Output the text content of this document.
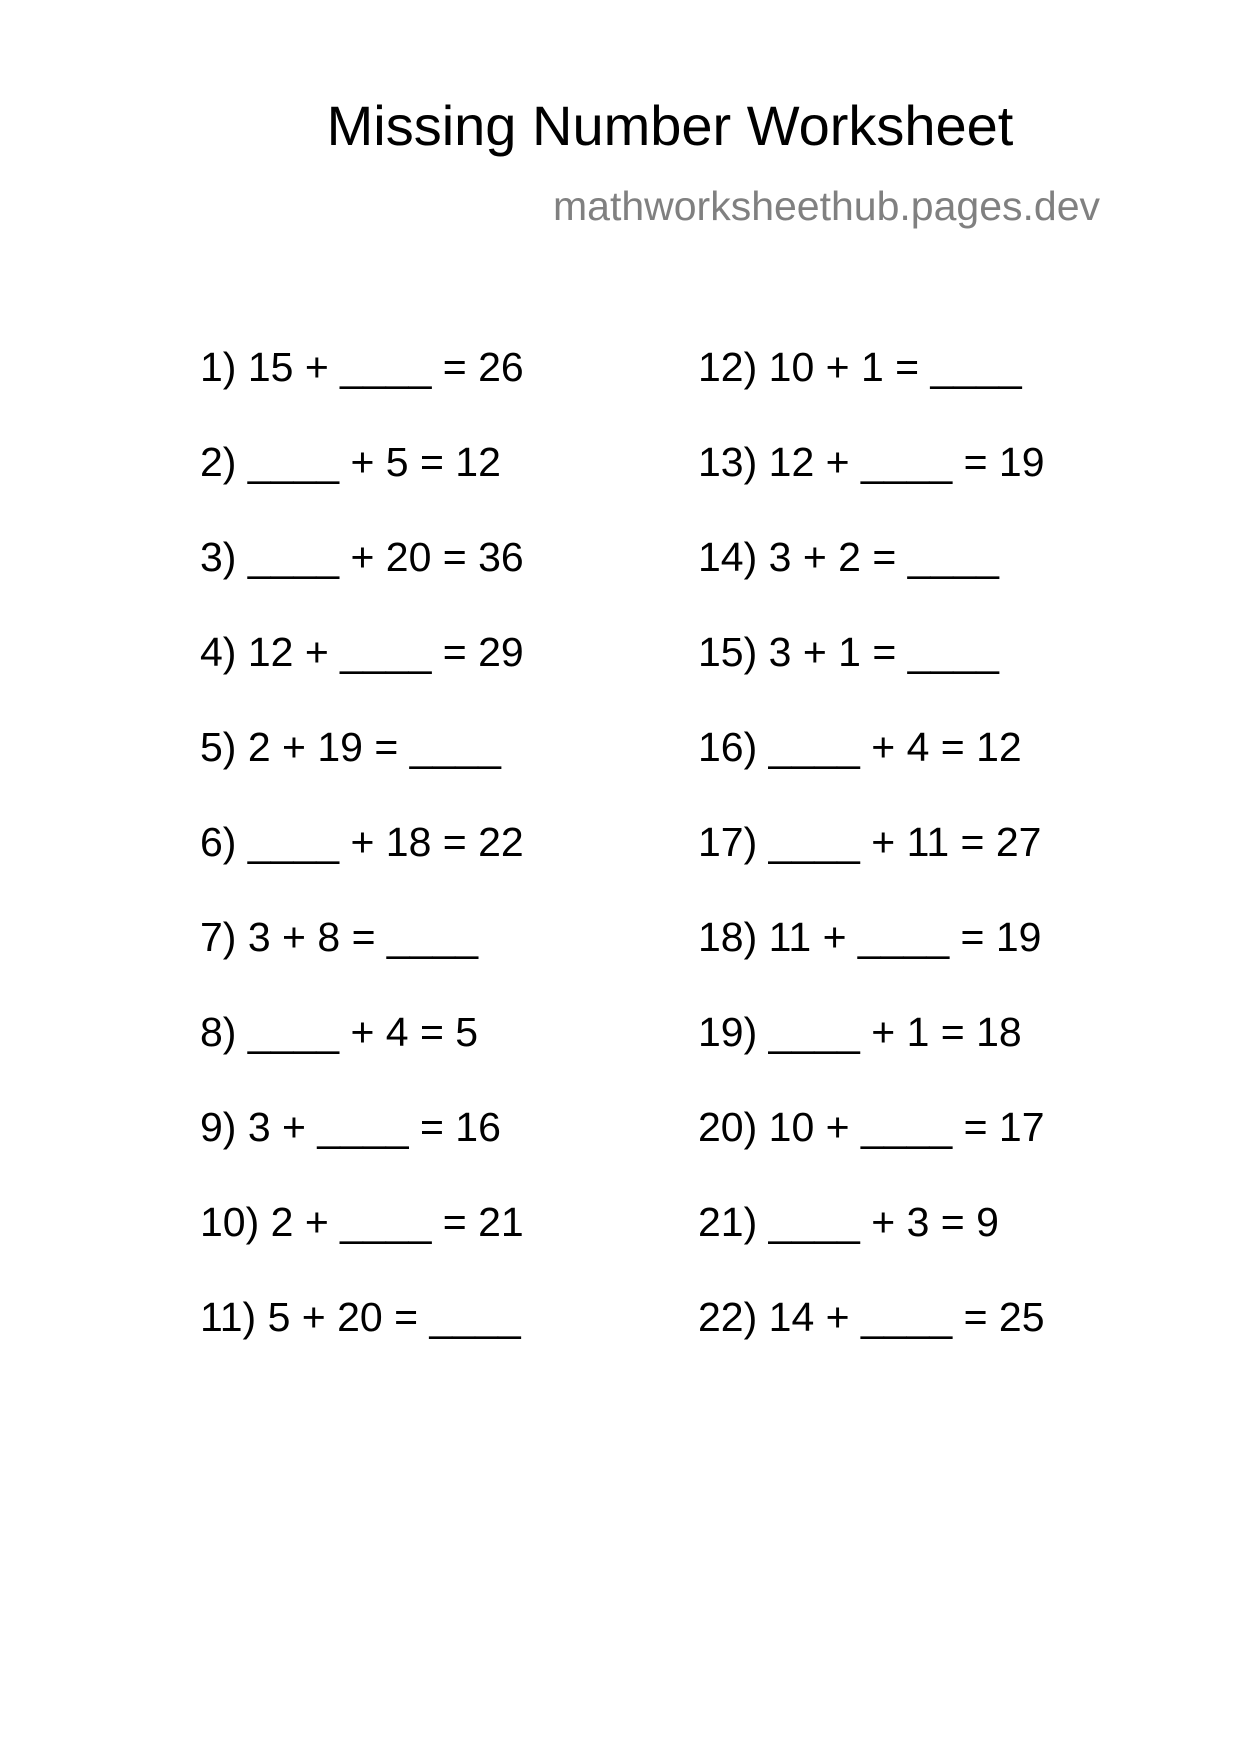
Missing Number Worksheet
mathworksheethub.pages.dev
1) 15 + ____ = 26
2) ____ + 5 = 12
3) ____ + 20 = 36
4) 12 + ____ = 29
5) 2 + 19 = ____
6) ____ + 18 = 22
7) 3 + 8 = ____
8) ____ + 4 = 5
9) 3 + ____ = 16
10) 2 + ____ = 21
11) 5 + 20 = ____
12) 10 + 1 = ____
13) 12 + ____ = 19
14) 3 + 2 = ____
15) 3 + 1 = ____
16) ____ + 4 = 12
17) ____ + 11 = 27
18) 11 + ____ = 19
19) ____ + 1 = 18
20) 10 + ____ = 17
21) ____ + 3 = 9
22) 14 + ____ = 25
